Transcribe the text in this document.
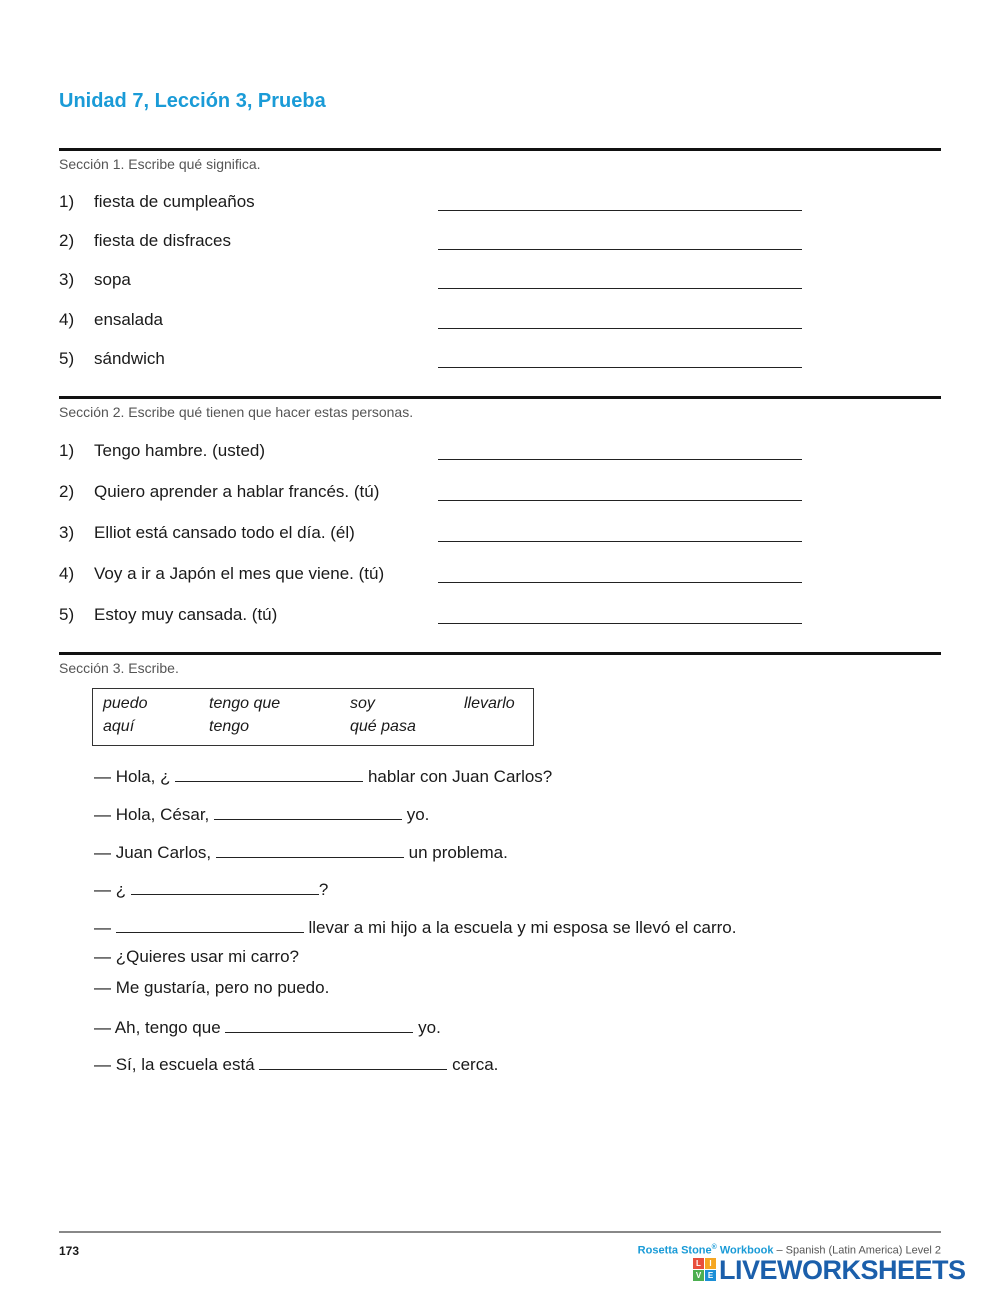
Unidad 7, Lección 3, Prueba
Sección 1. Escribe qué significa.
1) fiesta de cumpleaños
2) fiesta de disfraces
3) sopa
4) ensalada
5) sándwich
Sección 2. Escribe qué tienen que hacer estas personas.
1) Tengo hambre. (usted)
2) Quiero aprender a hablar francés. (tú)
3) Elliot está cansado todo el día. (él)
4) Voy a ir a Japón el mes que viene. (tú)
5) Estoy muy cansada. (tú)
Sección 3. Escribe.
puedo	tengo que	soy	llevarlo
aquí	tengo	qué pasa
— Hola, ¿	hablar con Juan Carlos?
— Hola, César,	yo.
— Juan Carlos,	un problema.
— ¿	?
—	llevar a mi hijo a la escuela y mi esposa se llevó el carro.
— ¿Quieres usar mi carro?
— Me gustaría, pero no puedo.
— Ah, tengo que	yo.
— Sí, la escuela está	cerca.
173	Rosetta Stone® Workbook – Spanish (Latin America) Level 2
L	I
V E LIVEWORKSHEETS
